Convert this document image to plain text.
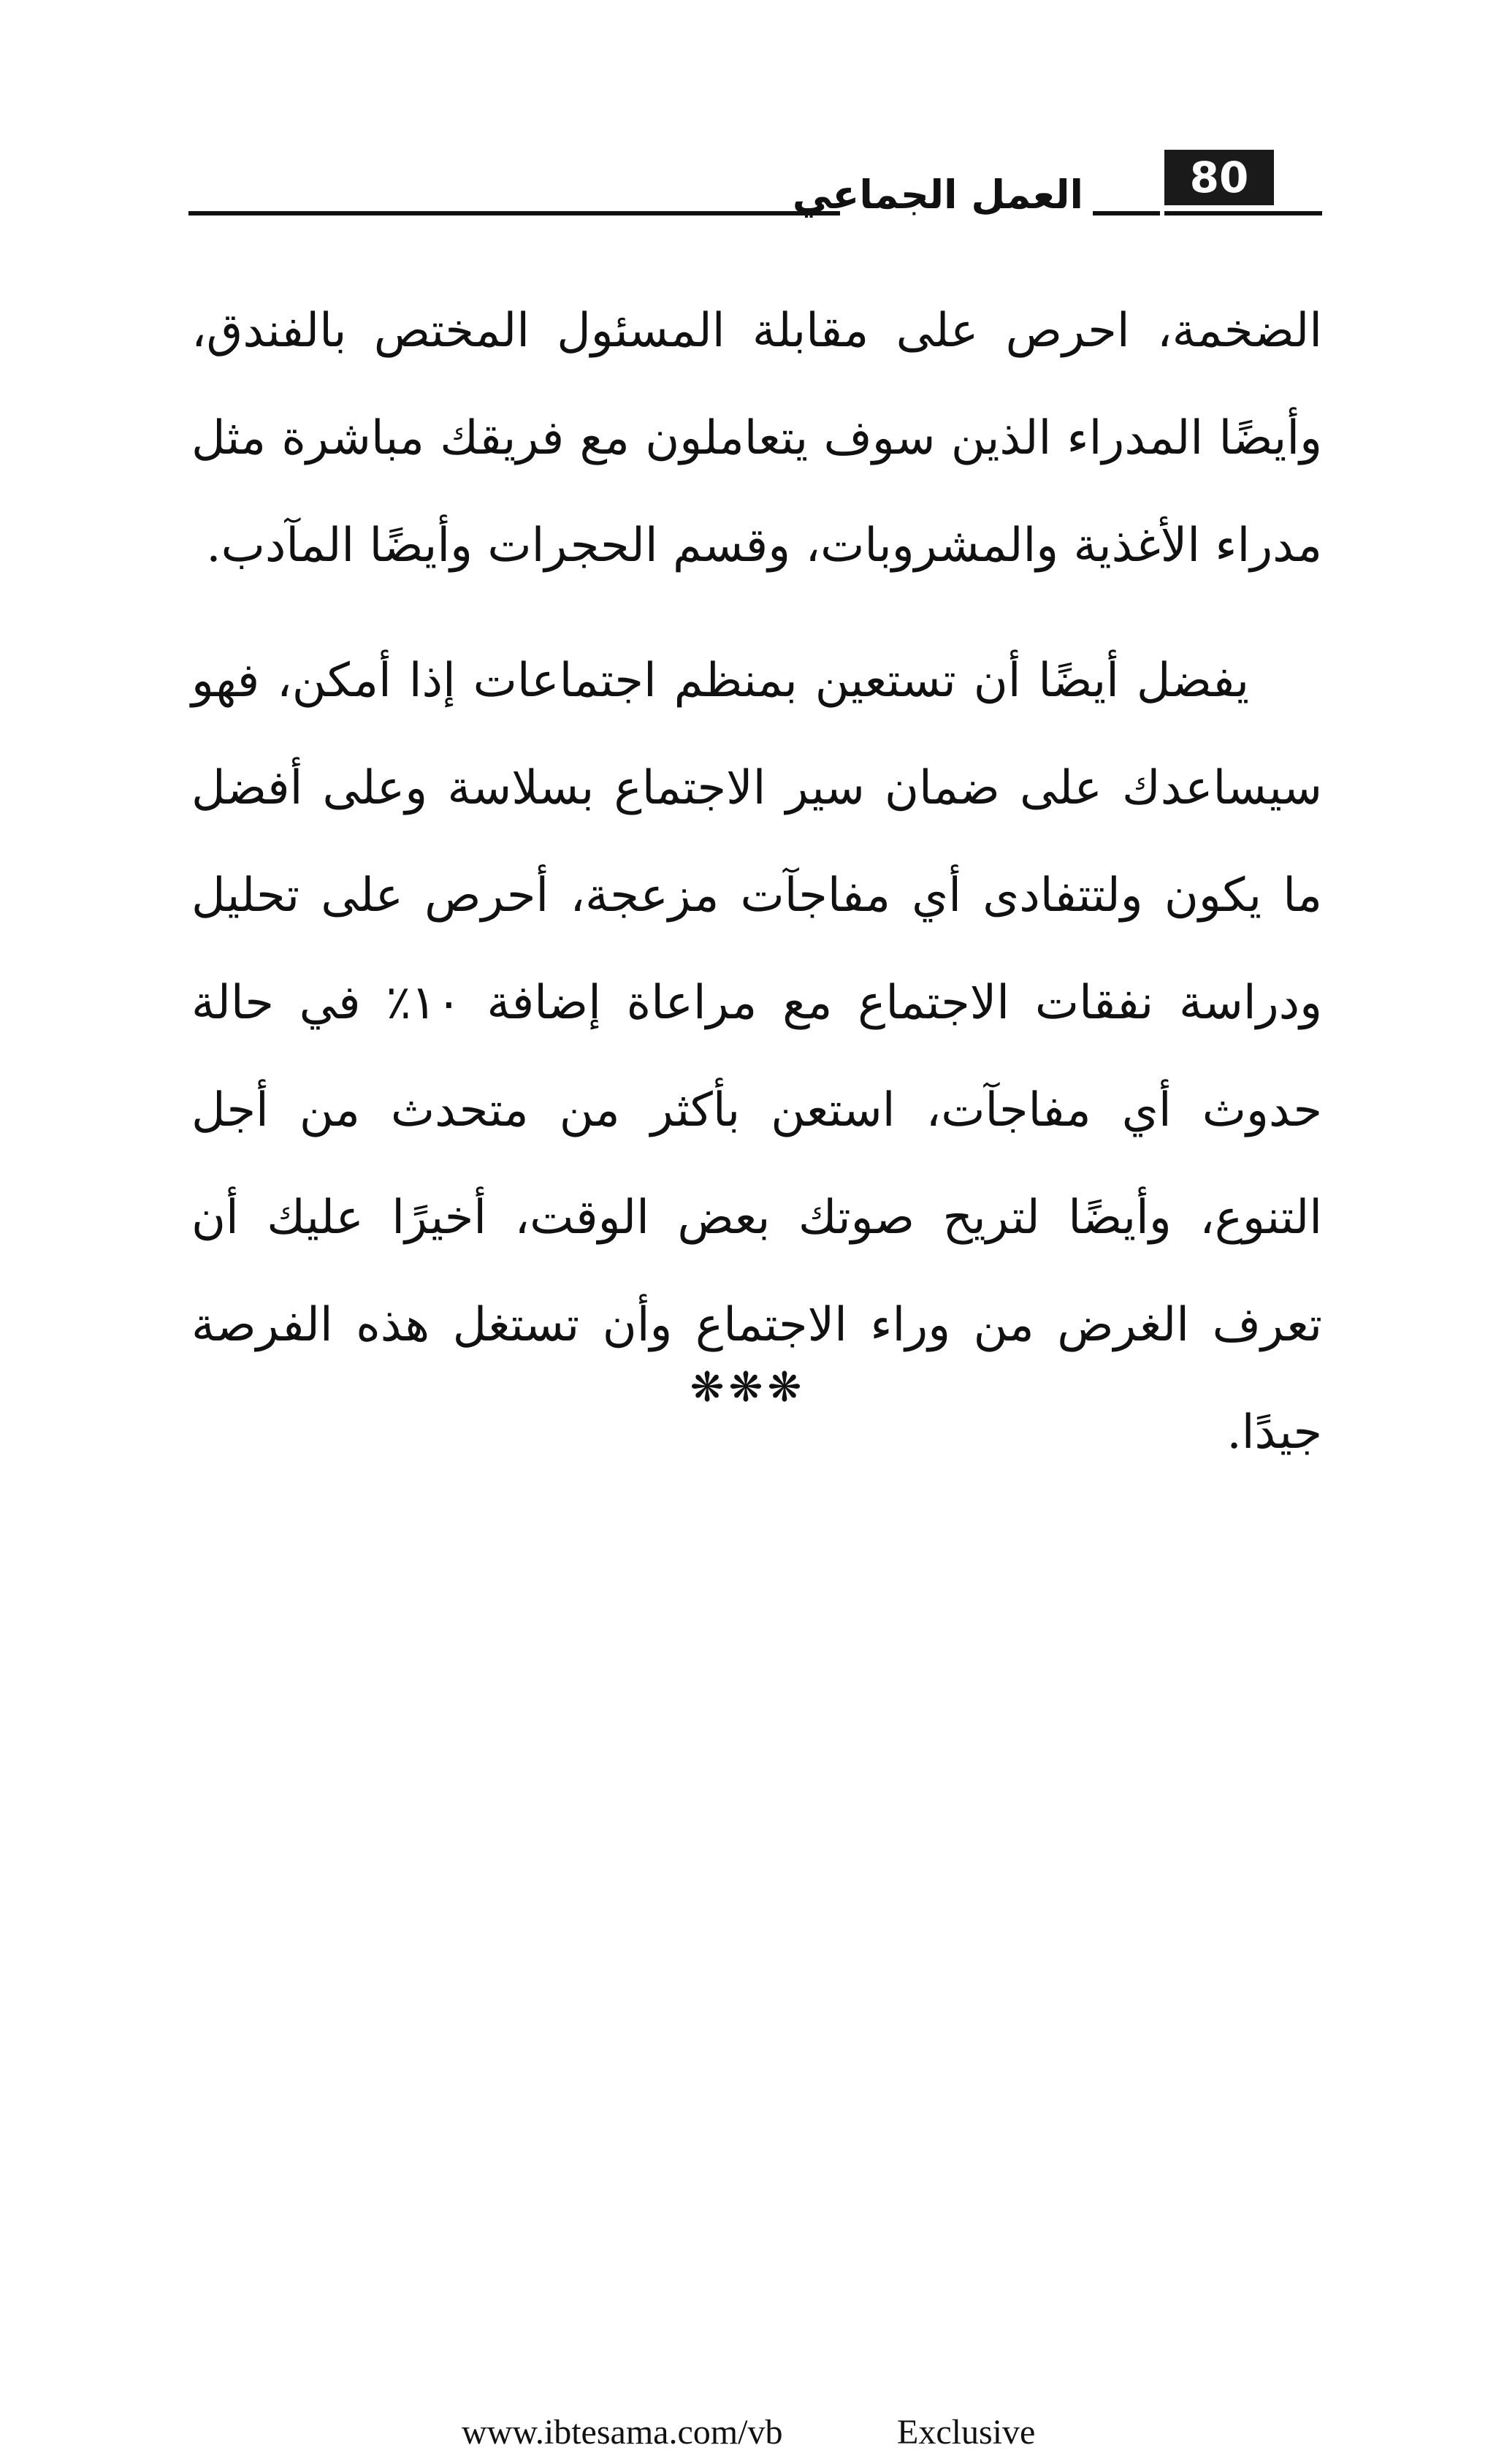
العمل الجماعي	80

الضخمة، احرص على مقابلة المسئول المختص بالفندق، وأيضًا المدراء الذين سوف يتعاملون مع فريقك مباشرة مثل مدراء الأغذية والمشروبات، وقسم الحجرات وأيضًا المآدب.

يفضل أيضًا أن تستعين بمنظم اجتماعات إذا أمكن، فهو سيساعدك على ضمان سير الاجتماع بسلاسة وعلى أفضل ما يكون ولتتفادى أي مفاجآت مزعجة، أحرص على تحليل ودراسة نفقات الاجتماع مع مراعاة إضافة ١٠٪ في حالة حدوث أي مفاجآت، استعن بأكثر من متحدث من أجل التنوع، وأيضًا لتريح صوتك بعض الوقت، أخيرًا عليك أن تعرف الغرض من وراء الاجتماع وأن تستغل هذه الفرصة جيدًا.

❋❋❋
www.ibtesama.com/vb	Exclusive
